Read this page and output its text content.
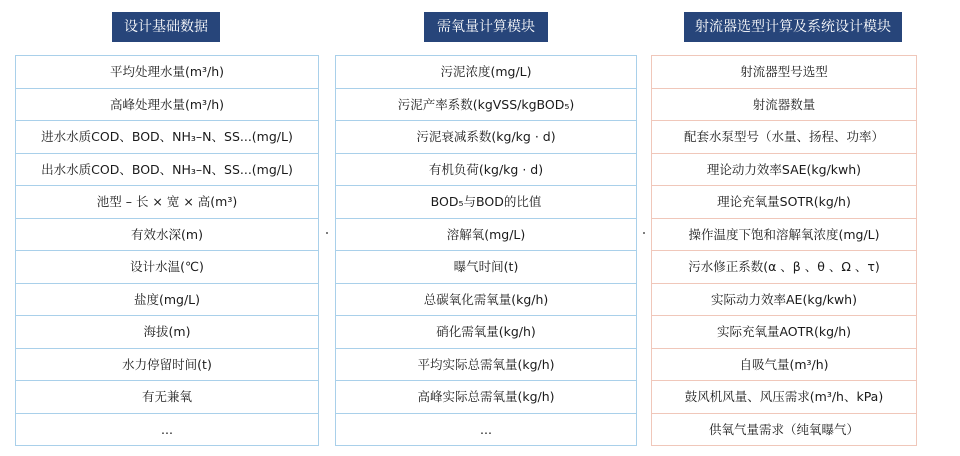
设计基础数据	需氧量计算模块	射流器选型计算及系统设计模块
平均处理水量(m³/h)
高峰处理水量(m³/h)
进水水质COD、BOD、NH₃–N、SS...(mg/L)
出水水质COD、BOD、NH₃–N、SS...(mg/L)
池型 – 长 × 宽 × 高(m³)
有效水深(m)
设计水温(℃)
盐度(mg/L)
海拔(m)
水力停留时间(t)
有无兼氧
...
污泥浓度(mg/L)
污泥产率系数(kgVSS/kgBOD₅)
污泥衰减系数(kg/kg · d)
有机负荷(kg/kg · d)
BOD₅与BOD的比值
溶解氧(mg/L)
曝气时间(t)
总碳氧化需氧量(kg/h)
硝化需氧量(kg/h)
平均实际总需氧量(kg/h)
高峰实际总需氧量(kg/h)
...
射流器型号选型
射流器数量
配套水泵型号（水量、扬程、功率）
理论动力效率SAE(kg/kwh)
理论充氧量SOTR(kg/h)
操作温度下饱和溶解氧浓度(mg/L)
污水修正系数(α 、β 、θ 、Ω 、τ)
实际动力效率AE(kg/kwh)
实际充氧量AOTR(kg/h)
自吸气量(m³/h)
鼓风机风量、风压需求(m³/h、kPa)
供氧气量需求（纯氧曝气）
